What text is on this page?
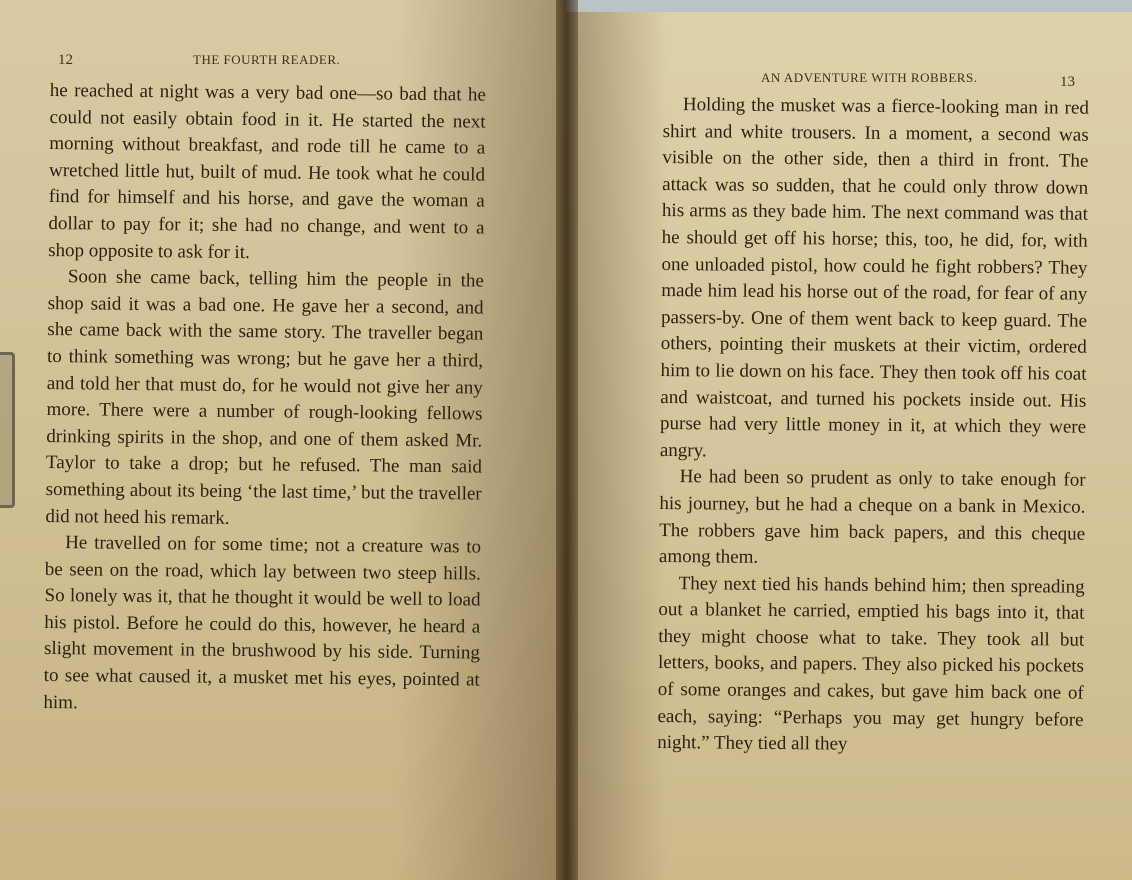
12	THE FOURTH READER.

he reached at night was a very bad one—so bad that he could not easily obtain food in it. He started the next morning without breakfast, and rode till he came to a wretched little hut, built of mud. He took what he could find for himself and his horse, and gave the woman a dollar to pay for it; she had no change, and went to a shop opposite to ask for it.

Soon she came back, telling him the people in the shop said it was a bad one. He gave her a second, and she came back with the same story. The traveller began to think something was wrong; but he gave her a third, and told her that must do, for he would not give her any more. There were a number of rough-looking fellows drinking spirits in the shop, and one of them asked Mr. Taylor to take a drop; but he refused. The man said something about its being ‘the last time,’ but the traveller did not heed his remark.

He travelled on for some time; not a creature was to be seen on the road, which lay between two steep hills. So lonely was it, that he thought it would be well to load his pistol. Before he could do this, however, he heard a slight movement in the brushwood by his side. Turning to see what caused it, a musket met his eyes, pointed at him.

AN ADVENTURE WITH ROBBERS.	13

Holding the musket was a fierce-looking man in red shirt and white trousers. In a moment, a second was visible on the other side, then a third in front. The attack was so sudden, that he could only throw down his arms as they bade him. The next command was that he should get off his horse; this, too, he did, for, with one unloaded pistol, how could he fight robbers? They made him lead his horse out of the road, for fear of any passers-by. One of them went back to keep guard. The others, pointing their muskets at their victim, ordered him to lie down on his face. They then took off his coat and waistcoat, and turned his pockets inside out. His purse had very little money in it, at which they were angry.

He had been so prudent as only to take enough for his journey, but he had a cheque on a bank in Mexico. The robbers gave him back papers, and this cheque among them.

They next tied his hands behind him; then spreading out a blanket he carried, emptied his bags into it, that they might choose what to take. They took all but letters, books, and papers. They also picked his pockets of some oranges and cakes, but gave him back one of each, saying: “Perhaps you may get hungry before night.” They tied all they
